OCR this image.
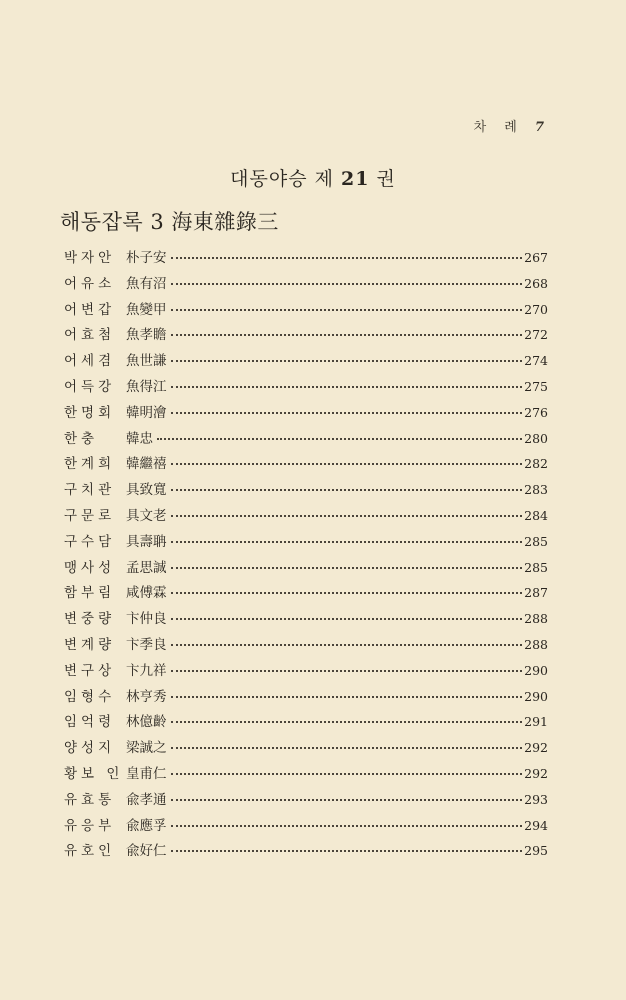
차 례 7
대동야승 제 21 권
해동잡록 3 海東雜錄三
박자안 朴子安	267
어유소 魚有沼	268
어변갑 魚變甲	270
어효첨 魚孝瞻	272
어세겸 魚世謙	274
어득강 魚得江	275
한명회 韓明澮	276
한충	韓忠	280
한계희 韓繼禧	282
구치관 具致寬	283
구문로 具文老	284
구수담 具壽聃	285
맹사성 孟思誠	285
함부림 咸傅霖	287
변중량 卞仲良	288
변계량 卞季良	288
변구상 卞九祥	290
임형수 林亨秀	290
임억령 林億齡	291
양성지 梁誠之	292
황보 인 皇甫仁	292
유효통 兪孝通	293
유응부 兪應孚	294
유호인 兪好仁	295
